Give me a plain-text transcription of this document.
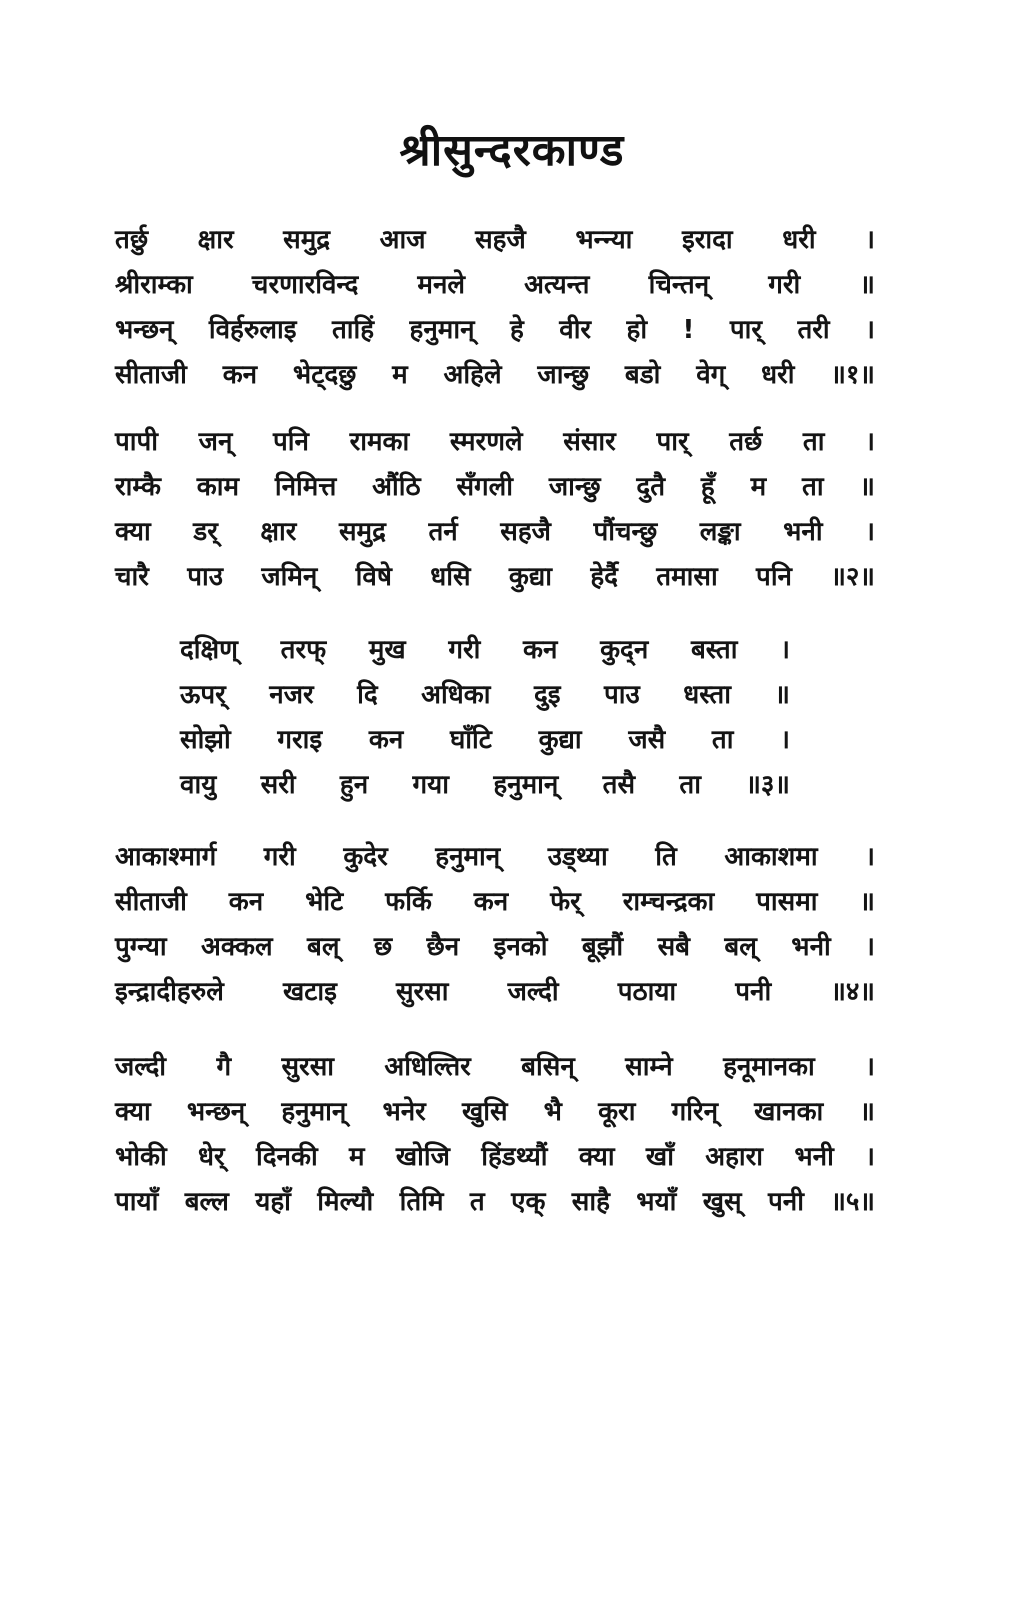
श्रीसुन्दरकाण्ड
तर्छु क्षार समुद्र आज सहजै भन्न्या इरादा धरी ।
श्रीराम्का चरणारविन्द मनले अत्यन्त चिन्तन् गरी ॥
भन्छन् विर्हरुलाइ ताहिं हनुमान् हे वीर हो ! पार् तरी ।
सीताजी कन भेट्दछु म अहिले जान्छु बडो वेग् धरी ॥१॥
पापी जन् पनि रामका स्मरणले संसार पार् तर्छ ता ।
राम्कै काम निमित्त औंठि सँगली जान्छु दुतै हूँ म ता ॥
क्या डर् क्षार समुद्र तर्न सहजै पौंचन्छु लङ्का भनी ।
चारै पाउ जमिन् विषे धसि कुद्या हेर्दै तमासा पनि ॥२॥
दक्षिण् तरफ् मुख गरी कन कुद्न बस्ता ।
ऊपर् नजर दि अधिका दुइ पाउ धस्ता ॥
सोझो गराइ कन घाँटि कुद्या जसै ता ।
वायु सरी हुन गया हनुमान् तसै ता ॥३॥
आकाश्मार्ग गरी कुदेर हनुमान् उड्थ्या ति आकाशमा ।
सीताजी कन भेटि फर्कि कन फेर् राम्चन्द्रका पासमा ॥
पुग्न्या अक्कल बल् छ छैन इनको बूझौं सबै बल् भनी ।
इन्द्रादीहरुले खटाइ सुरसा जल्दी पठाया पनी ॥४॥
जल्दी गै सुरसा अधिल्तिर बसिन् साम्ने हनूमानका ।
क्या भन्छन् हनुमान् भनेर खुसि भै कूरा गरिन् खानका ॥
भोकी धेर् दिनकी म खोजि हिंडथ्यौं क्या खाँ अहारा भनी ।
पायाँ बल्ल यहाँ मिल्यौ तिमि त एक् साहै भयाँ खुस् पनी ॥५॥
